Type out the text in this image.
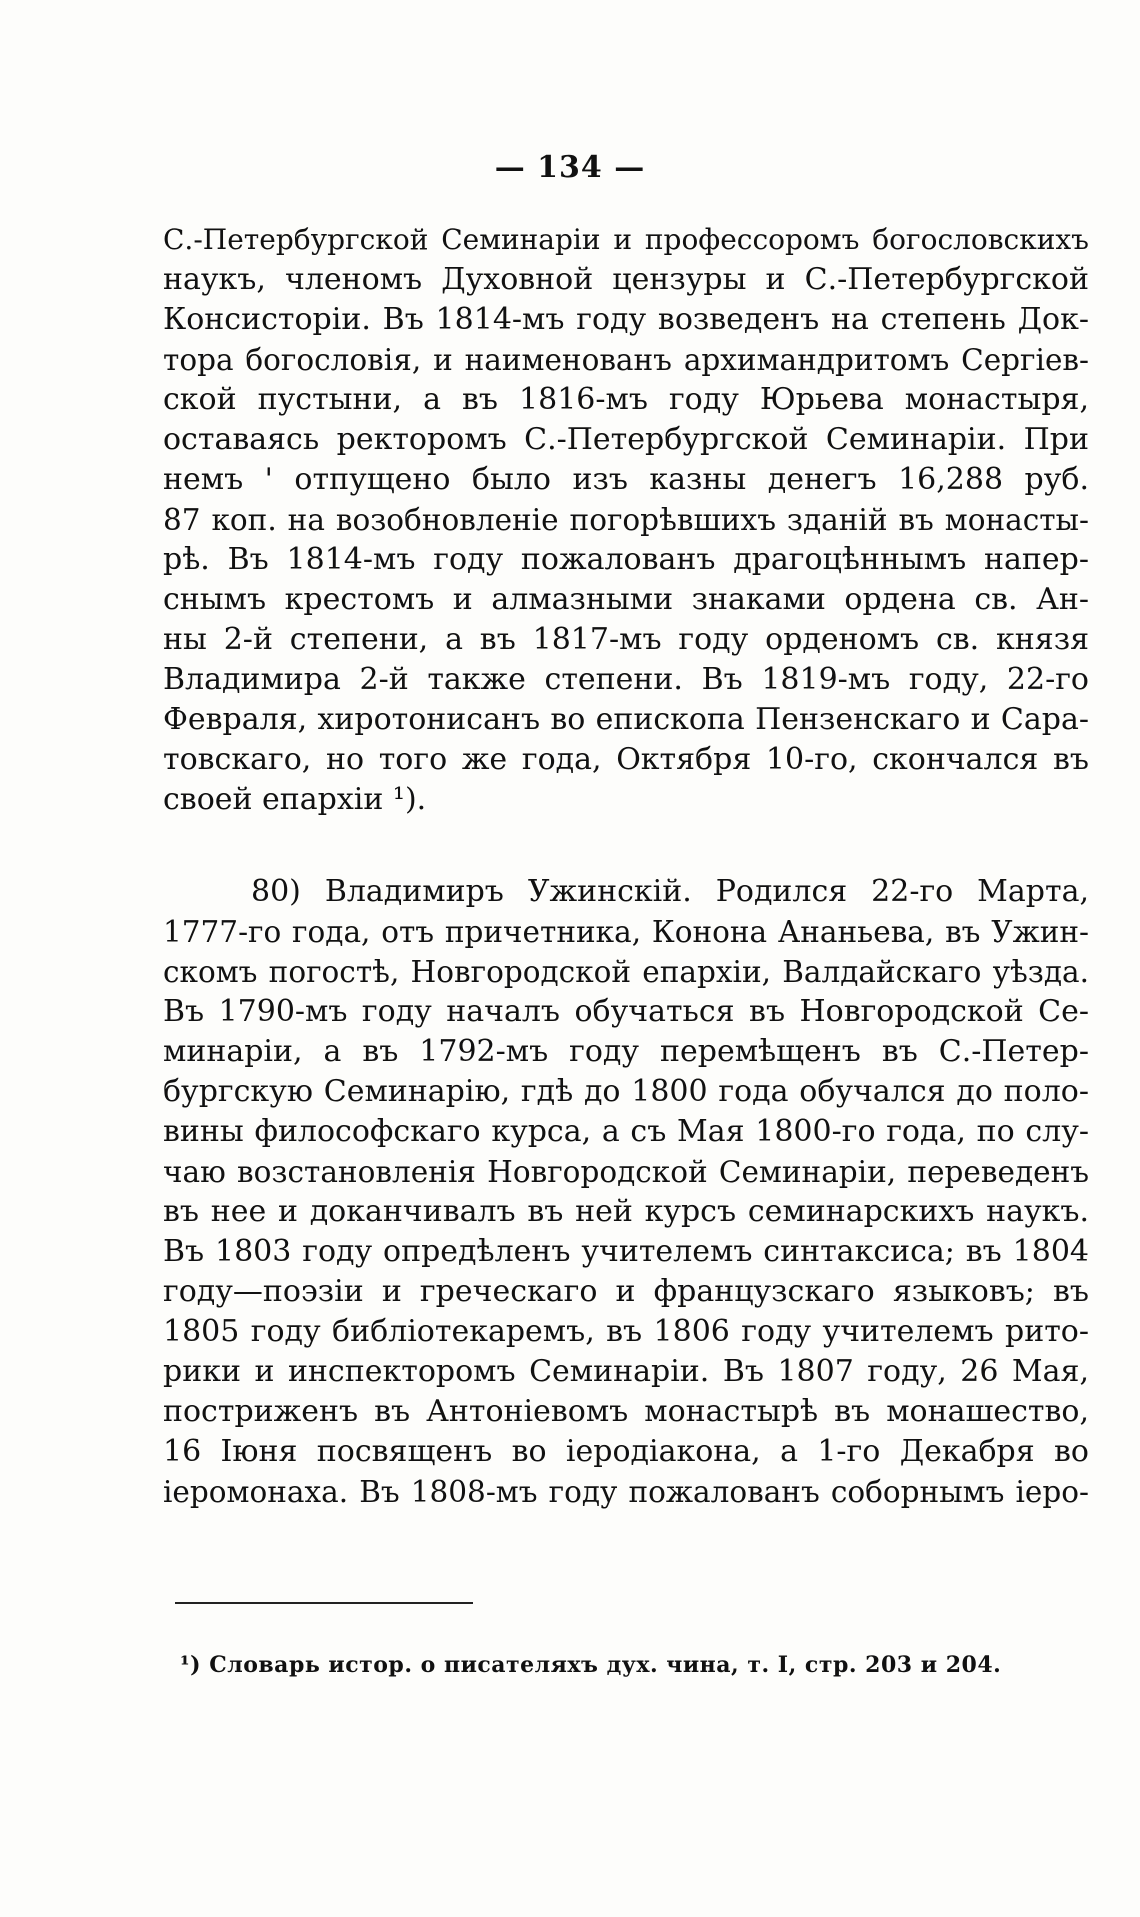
— 134 —
С.-Петербургской Семинаріи и профессоромъ богословскихъ
наукъ, членомъ Духовной цензуры и С.-Петербургской
Консисторіи. Въ 1814-мъ году возведенъ на степень Док-
тора богословія, и наименованъ архимандритомъ Сергіев-
ской пустыни, а въ 1816-мъ году Юрьева монастыря,
оставаясь ректоромъ С.-Петербургской Семинаріи. При
немъ ' отпущено было изъ казны денегъ 16,288 руб.
87 коп. на возобновленіе погорѣвшихъ зданій въ монасты-
рѣ. Въ 1814-мъ году пожалованъ драгоцѣннымъ напер-
снымъ крестомъ и алмазными знаками ордена св. Ан-
ны 2-й степени, а въ 1817-мъ году орденомъ св. князя
Владимира 2-й также степени. Въ 1819-мъ году, 22-го
Февраля, хиротонисанъ во епископа Пензенскаго и Сара-
товскаго, но того же года, Октября 10-го, скончался въ
своей епархіи ¹).
80) Владимиръ Ужинскій. Родился 22-го Марта,
1777-го года, отъ причетника, Конона Ананьева, въ Ужин-
скомъ погостѣ, Новгородской епархіи, Валдайскаго уѣзда.
Въ 1790-мъ году началъ обучаться въ Новгородской Се-
минаріи, а въ 1792-мъ году перемѣщенъ въ С.-Петер-
бургскую Семинарію, гдѣ до 1800 года обучался до поло-
вины философскаго курса, а съ Мая 1800-го года, по слу-
чаю возстановленія Новгородской Семинаріи, переведенъ
въ нее и доканчивалъ въ ней курсъ семинарскихъ наукъ.
Въ 1803 году опредѣленъ учителемъ синтаксиса; въ 1804
году—поэзіи и греческаго и французскаго языковъ; въ
1805 году библіотекаремъ, въ 1806 году учителемъ рито-
рики и инспекторомъ Семинаріи. Въ 1807 году, 26 Мая,
постриженъ въ Антоніевомъ монастырѣ въ монашество,
16 Іюня посвященъ во іеродіакона, а 1-го Декабря во
іеромонаха. Въ 1808-мъ году пожалованъ соборнымъ іеро-
¹) Словарь истор. о писателяхъ дух. чина, т. I, стр. 203 и 204.
